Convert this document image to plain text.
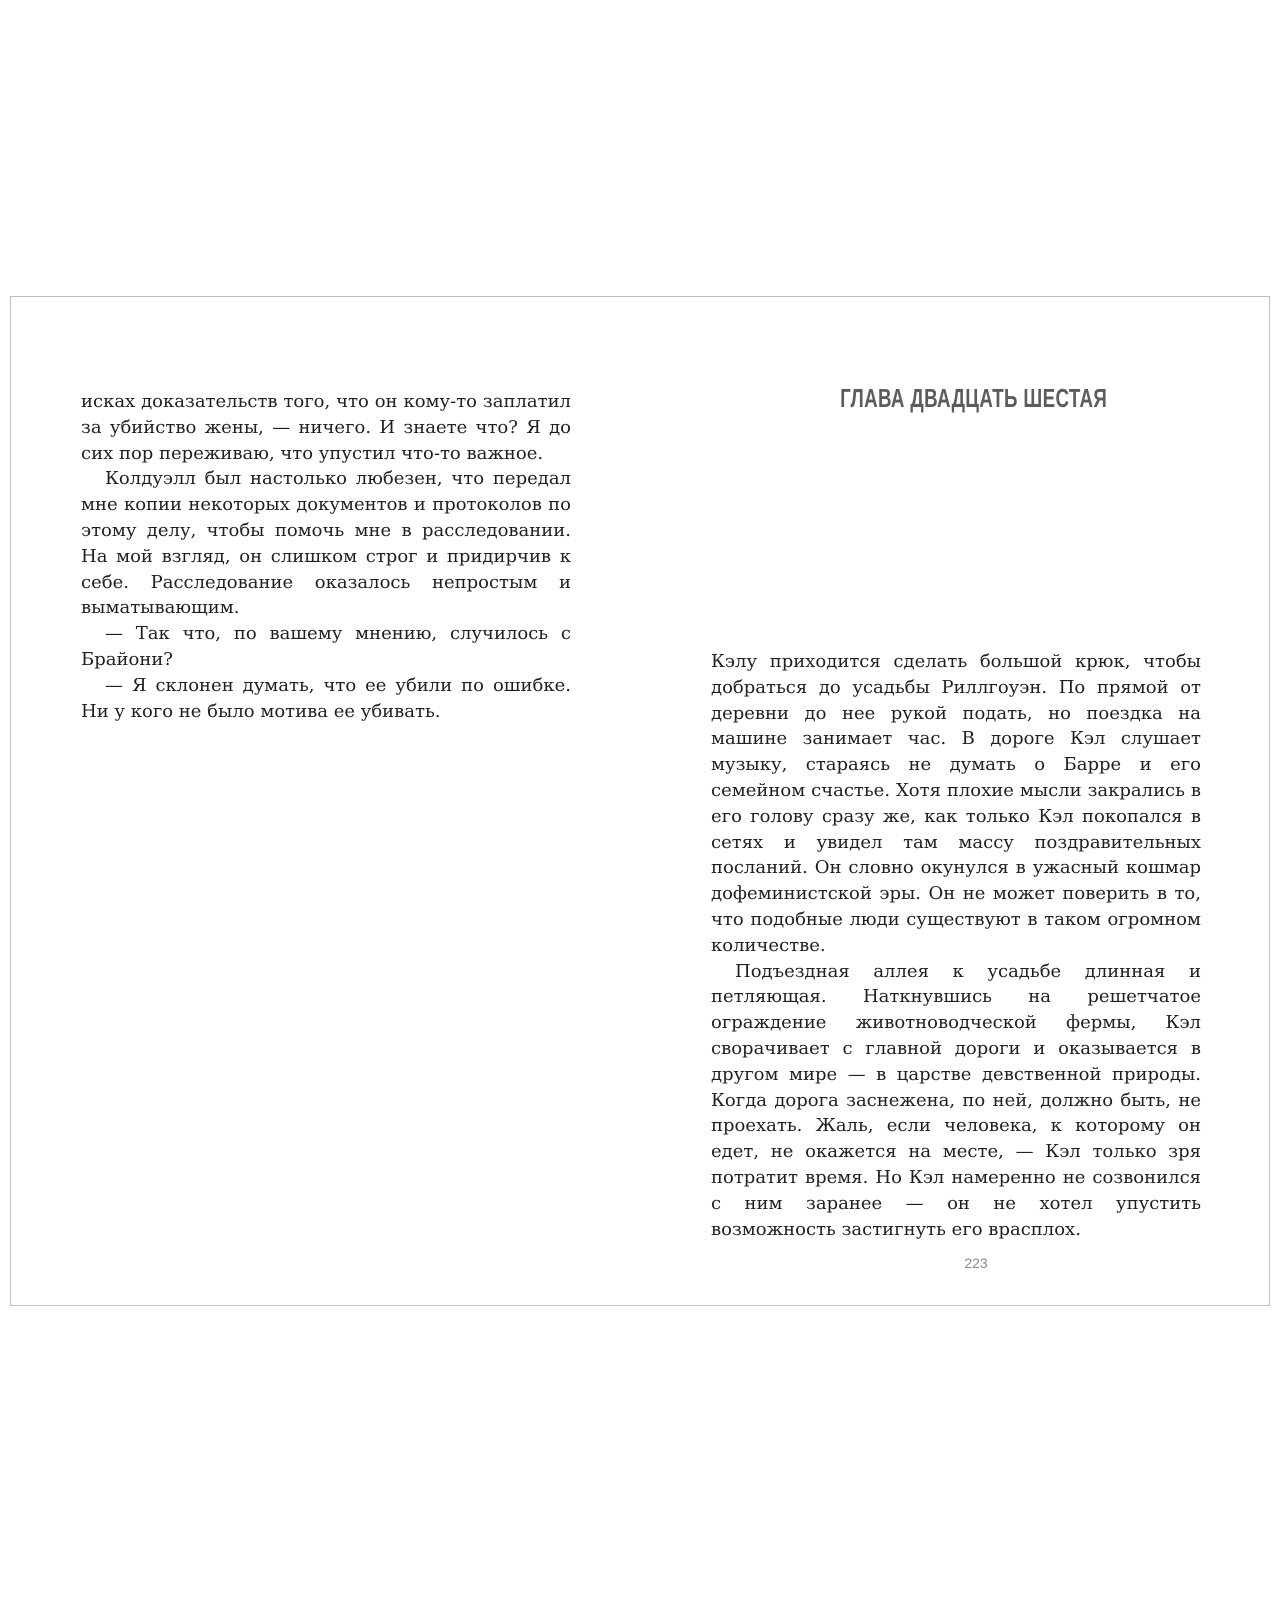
исках доказательств того, что он кому-то заплатил за убийство жены, — ничего. И знаете что? Я до сих пор переживаю, что упустил что-то важное.

Колдуэлл был настолько любезен, что передал мне копии некоторых документов и протоколов по этому делу, чтобы помочь мне в расследовании. На мой взгляд, он слишком строг и придирчив к себе. Расследование оказалось непростым и выматывающим.

— Так что, по вашему мнению, случилось с Брайони?

— Я склонен думать, что ее убили по ошибке. Ни у кого не было мотива ее убивать.

ГЛАВА ДВАДЦАТЬ ШЕСТАЯ

Кэлу приходится сделать большой крюк, чтобы добраться до усадьбы Риллгоуэн. По прямой от деревни до нее рукой подать, но поездка на машине занимает час. В дороге Кэл слушает музыку, стараясь не думать о Барре и его семейном счастье. Хотя плохие мысли закрались в его голову сразу же, как только Кэл покопался в сетях и увидел там массу поздравительных посланий. Он словно окунулся в ужасный кошмар дофеминистской эры. Он не может поверить в то, что подобные люди существуют в таком огромном количестве.

Подъездная аллея к усадьбе длинная и петляющая. Наткнувшись на решетчатое ограждение животноводческой фермы, Кэл сворачивает с главной дороги и оказывается в другом мире — в царстве девственной природы. Когда дорога заснежена, по ней, должно быть, не проехать. Жаль, если человека, к которому он едет, не окажется на месте, — Кэл только зря потратит время. Но Кэл намеренно не созвонился с ним заранее — он не хотел упустить возможность застигнуть его врасплох.

223
